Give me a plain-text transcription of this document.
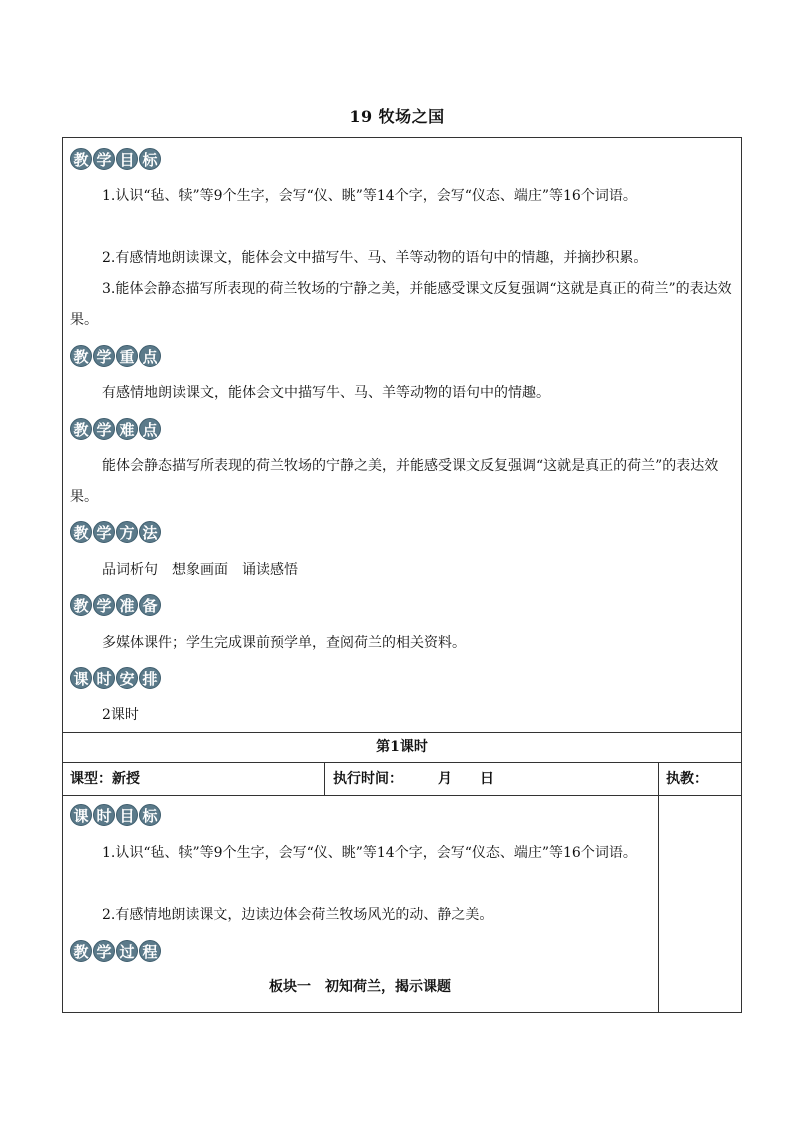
19 牧场之国
教 学 目 标

1.认识“毡、犊”等9个生字，会写“仪、眺”等14个字，会写“仪态、端庄”等16个词语。

2.有感情地朗读课文，能体会文中描写牛、马、羊等动物的语句中的情趣，并摘抄积累。

3.能体会静态描写所表现的荷兰牧场的宁静之美，并能感受课文反复强调“这就是真正的荷兰”的表达效果。

教 学 重 点

有感情地朗读课文，能体会文中描写牛、马、羊等动物的语句中的情趣。

教 学 难 点

能体会静态描写所表现的荷兰牧场的宁静之美，并能感受课文反复强调“这就是真正的荷兰”的表达效果。

教 学 方 法

品词析句　想象画面　诵读感悟

教 学 准 备

多媒体课件；学生完成课前预学单，查阅荷兰的相关资料。

课 时 安 排

2课时

第1课时
课型：新授	执行时间：　　　月　　日	执教：
课 时 目 标

1.认识“毡、犊”等9个生字，会写“仪、眺”等14个字，会写“仪态、端庄”等16个词语。

2.有感情地朗读课文，边读边体会荷兰牧场风光的动、静之美。

教 学 过 程
板块一　初知荷兰，揭示课题
